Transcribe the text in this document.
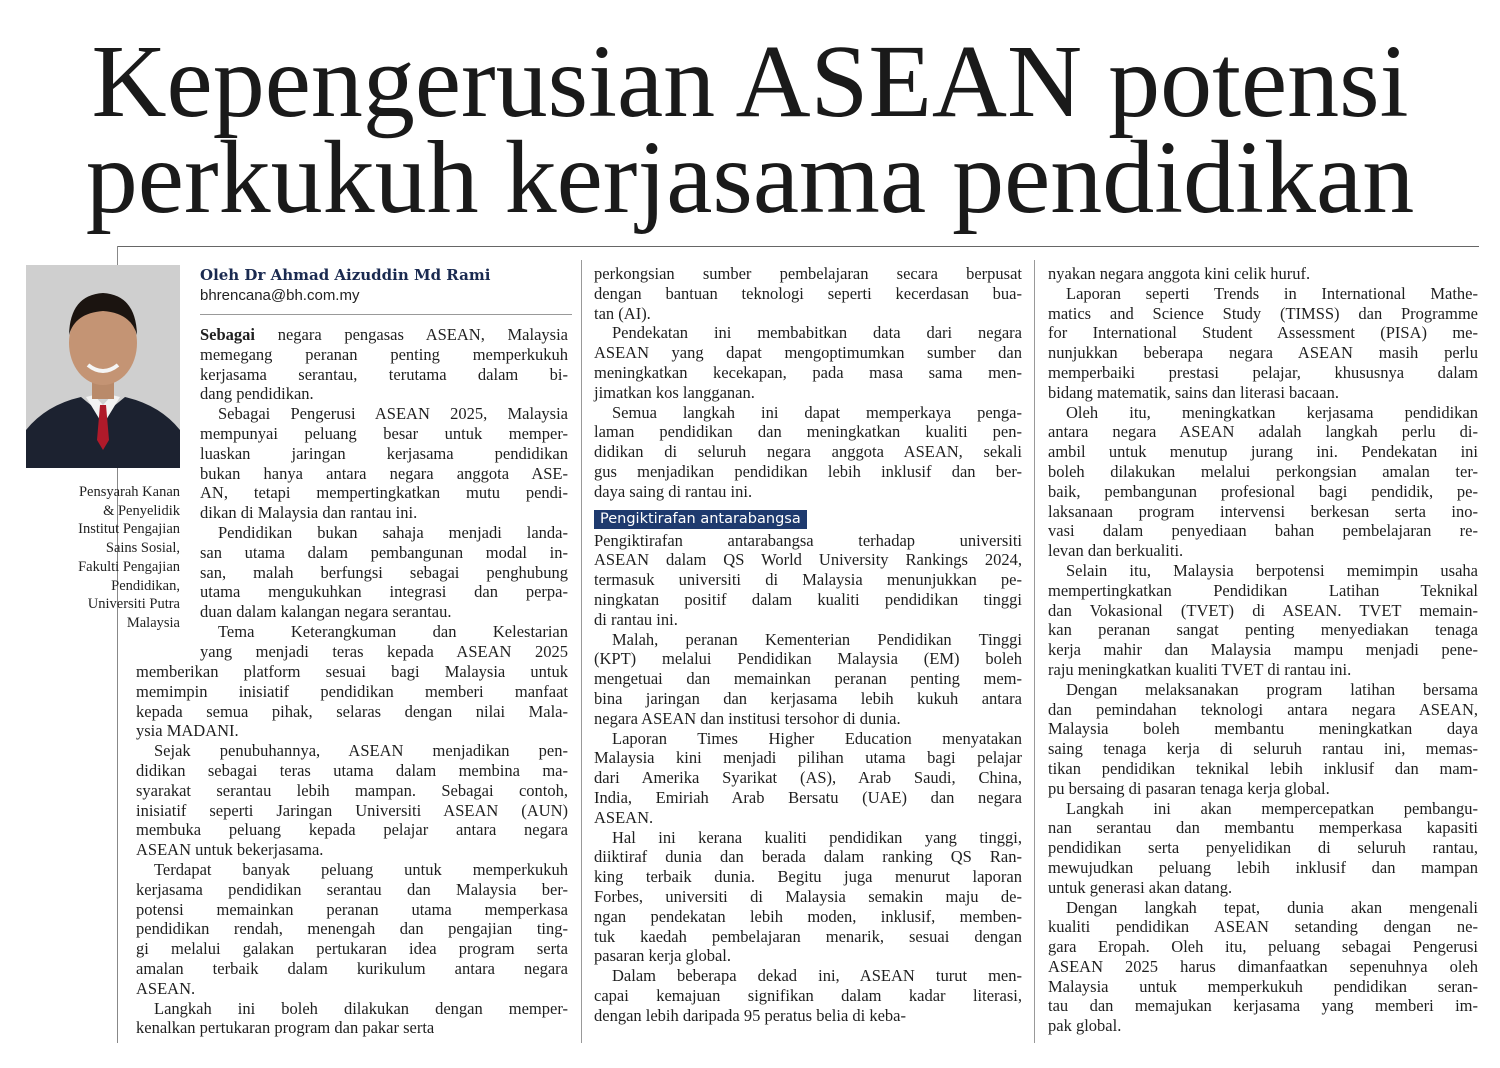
Kepengerusian ASEAN potensi
perkukuh kerjasama pendidikan
Pensyarah Kanan
& Penyelidik
Institut Pengajian
Sains Sosial,
Fakulti Pengajian
Pendidikan,
Universiti Putra
Malaysia
Oleh Dr Ahmad Aizuddin Md Rami
bhrencana@bh.com.my
Sebagai negara pengasas ASEAN, Malaysia
memegang peranan penting memperkukuh
kerjasama serantau, terutama dalam bi-
dang pendidikan.
Sebagai Pengerusi ASEAN 2025, Malaysia
mempunyai peluang besar untuk memper-
luaskan jaringan kerjasama pendidikan
bukan hanya antara negara anggota ASE-
AN, tetapi mempertingkatkan mutu pendi-
dikan di Malaysia dan rantau ini.
Pendidikan bukan sahaja menjadi landa-
san utama dalam pembangunan modal in-
san, malah berfungsi sebagai penghubung
utama mengukuhkan integrasi dan perpa-
duan dalam kalangan negara serantau.
Tema Keterangkuman dan Kelestarian
yang menjadi teras kepada ASEAN 2025
memberikan platform sesuai bagi Malaysia untuk
memimpin inisiatif pendidikan memberi manfaat
kepada semua pihak, selaras dengan nilai Mala-
ysia MADANI.
Sejak penubuhannya, ASEAN menjadikan pen-
didikan sebagai teras utama dalam membina ma-
syarakat serantau lebih mampan. Sebagai contoh,
inisiatif seperti Jaringan Universiti ASEAN (AUN)
membuka peluang kepada pelajar antara negara
ASEAN untuk bekerjasama.
Terdapat banyak peluang untuk memperkukuh
kerjasama pendidikan serantau dan Malaysia ber-
potensi memainkan peranan utama memperkasa
pendidikan rendah, menengah dan pengajian ting-
gi melalui galakan pertukaran idea program serta
amalan terbaik dalam kurikulum antara negara
ASEAN.
Langkah ini boleh dilakukan dengan memper-
kenalkan pertukaran program dan pakar serta
perkongsian sumber pembelajaran secara berpusat
dengan bantuan teknologi seperti kecerdasan bua-
tan (AI).
Pendekatan ini membabitkan data dari negara
ASEAN yang dapat mengoptimumkan sumber dan
meningkatkan kecekapan, pada masa sama men-
jimatkan kos langganan.
Semua langkah ini dapat memperkaya penga-
laman pendidikan dan meningkatkan kualiti pen-
didikan di seluruh negara anggota ASEAN, sekali
gus menjadikan pendidikan lebih inklusif dan ber-
daya saing di rantau ini.
Pengiktirafan antarabangsa
Pengiktirafan antarabangsa terhadap universiti
ASEAN dalam QS World University Rankings 2024,
termasuk universiti di Malaysia menunjukkan pe-
ningkatan positif dalam kualiti pendidikan tinggi
di rantau ini.
Malah, peranan Kementerian Pendidikan Tinggi
(KPT) melalui Pendidikan Malaysia (EM) boleh
mengetuai dan memainkan peranan penting mem-
bina jaringan dan kerjasama lebih kukuh antara
negara ASEAN dan institusi tersohor di dunia.
Laporan Times Higher Education menyatakan
Malaysia kini menjadi pilihan utama bagi pelajar
dari Amerika Syarikat (AS), Arab Saudi, China,
India, Emiriah Arab Bersatu (UAE) dan negara
ASEAN.
Hal ini kerana kualiti pendidikan yang tinggi,
diiktiraf dunia dan berada dalam ranking QS Ran-
king terbaik dunia. Begitu juga menurut laporan
Forbes, universiti di Malaysia semakin maju de-
ngan pendekatan lebih moden, inklusif, memben-
tuk kaedah pembelajaran menarik, sesuai dengan
pasaran kerja global.
Dalam beberapa dekad ini, ASEAN turut men-
capai kemajuan signifikan dalam kadar literasi,
dengan lebih daripada 95 peratus belia di keba-
nyakan negara anggota kini celik huruf.
Laporan seperti Trends in International Mathe-
matics and Science Study (TIMSS) dan Programme
for International Student Assessment (PISA) me-
nunjukkan beberapa negara ASEAN masih perlu
memperbaiki prestasi pelajar, khususnya dalam
bidang matematik, sains dan literasi bacaan.
Oleh itu, meningkatkan kerjasama pendidikan
antara negara ASEAN adalah langkah perlu di-
ambil untuk menutup jurang ini. Pendekatan ini
boleh dilakukan melalui perkongsian amalan ter-
baik, pembangunan profesional bagi pendidik, pe-
laksanaan program intervensi berkesan serta ino-
vasi dalam penyediaan bahan pembelajaran re-
levan dan berkualiti.
Selain itu, Malaysia berpotensi memimpin usaha
mempertingkatkan Pendidikan Latihan Teknikal
dan Vokasional (TVET) di ASEAN. TVET memain-
kan peranan sangat penting menyediakan tenaga
kerja mahir dan Malaysia mampu menjadi pene-
raju meningkatkan kualiti TVET di rantau ini.
Dengan melaksanakan program latihan bersama
dan pemindahan teknologi antara negara ASEAN,
Malaysia boleh membantu meningkatkan daya
saing tenaga kerja di seluruh rantau ini, memas-
tikan pendidikan teknikal lebih inklusif dan mam-
pu bersaing di pasaran tenaga kerja global.
Langkah ini akan mempercepatkan pembangu-
nan serantau dan membantu memperkasa kapasiti
pendidikan serta penyelidikan di seluruh rantau,
mewujudkan peluang lebih inklusif dan mampan
untuk generasi akan datang.
Dengan langkah tepat, dunia akan mengenali
kualiti pendidikan ASEAN setanding dengan ne-
gara Eropah. Oleh itu, peluang sebagai Pengerusi
ASEAN 2025 harus dimanfaatkan sepenuhnya oleh
Malaysia untuk memperkukuh pendidikan seran-
tau dan memajukan kerjasama yang memberi im-
pak global.
